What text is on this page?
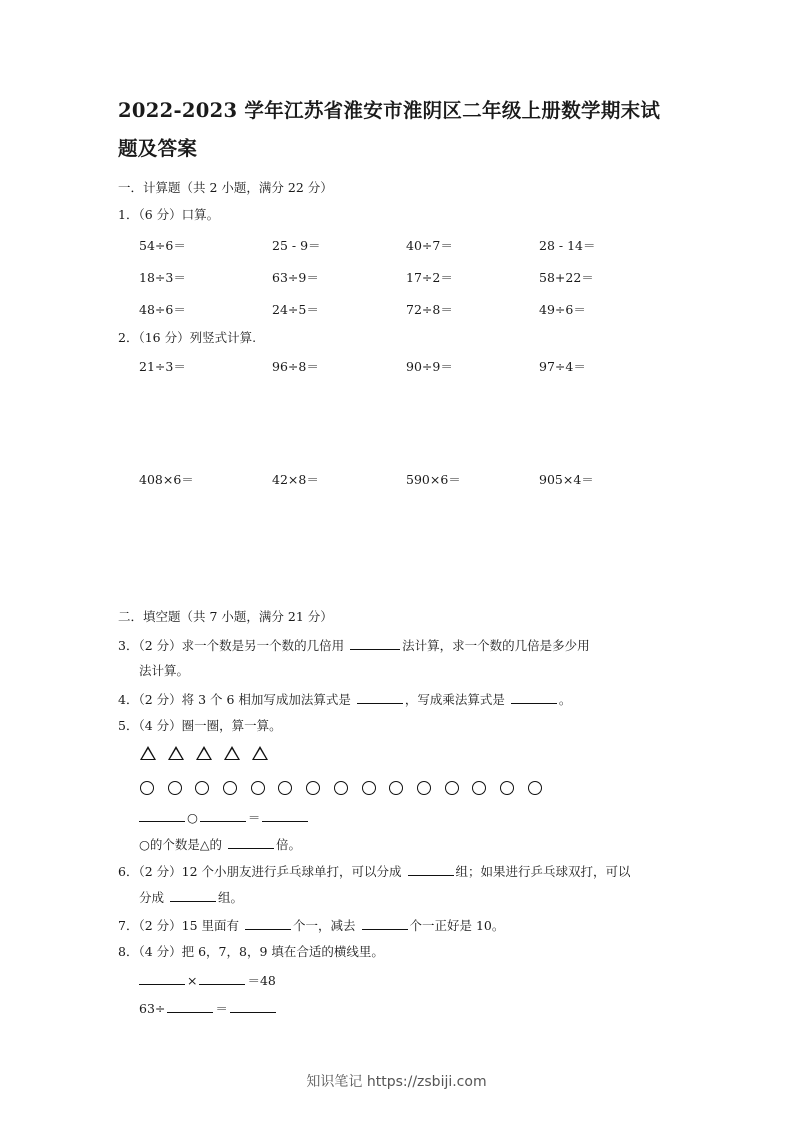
2022-2023 学年江苏省淮安市淮阴区二年级上册数学期末试
题及答案
一．计算题（共 2 小题，满分 22 分）
1．（6 分）口算。
54÷6＝	25 - 9＝	40÷7＝	28 - 14＝
18÷3＝	63÷9＝	17÷2＝	58+22＝
48÷6＝	24÷5＝	72÷8＝	49÷6＝
2．（16 分）列竖式计算.
21÷3＝	96÷8＝	90÷9＝	97÷4＝
408×6＝	42×8＝	590×6＝	905×4＝
二．填空题（共 7 小题，满分 21 分）
3．（2 分）求一个数是另一个数的几倍用	法计算，求一个数的几倍是多少用
法计算。
4．（2 分）将 3 个 6 相加写成加法算式是	，写成乘法算式是	。
5．（4 分）圈一圈，算一算。

○	＝
○的个数是△的	倍。
6．（2 分）12 个小朋友进行乒乓球单打，可以分成	组；如果进行乒乓球双打，可以
分成	组。
7．（2 分）15 里面有	个一，减去	个一正好是 10。
8．（4 分）把 6，7，8，9 填在合适的横线里。
×	＝48
63÷	＝
知识笔记 https://zsbiji.com
